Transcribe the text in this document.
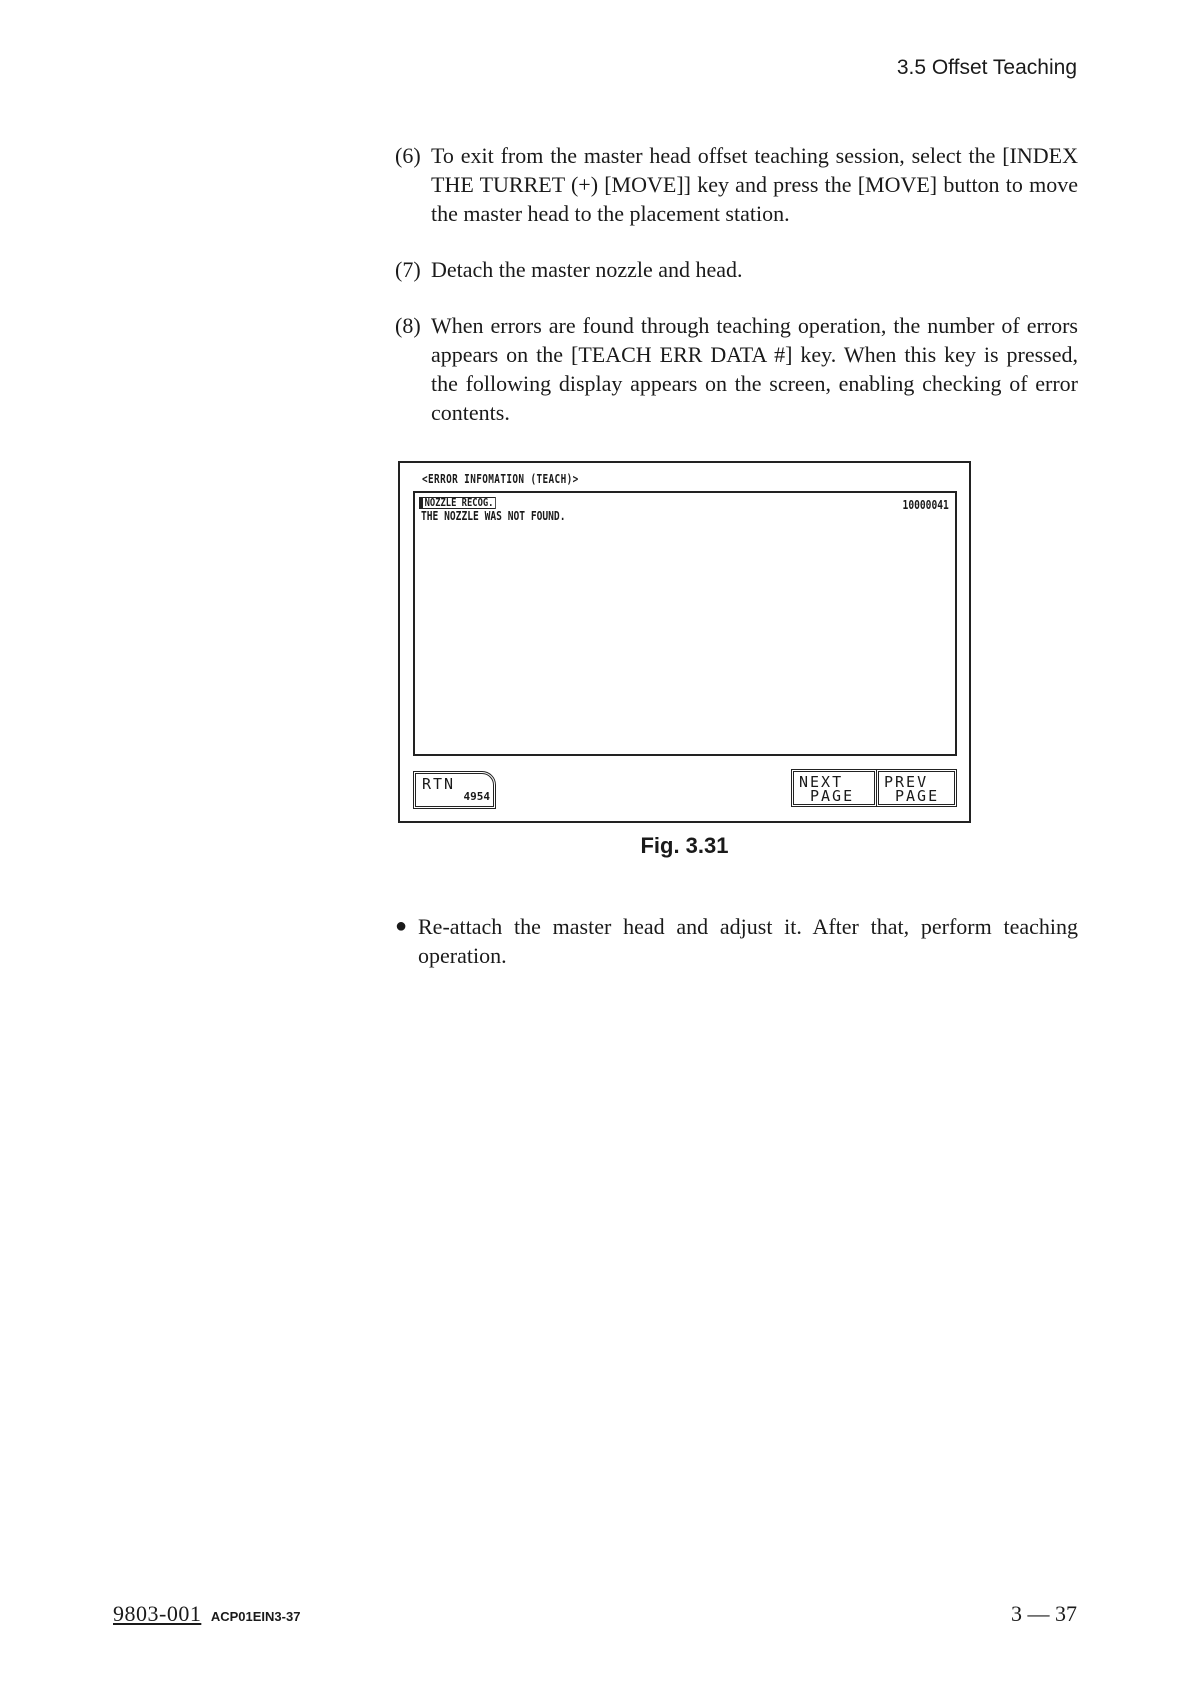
3.5 Offset Teaching
(6) To exit from the master head offset teaching session, select the [INDEX THE TURRET (+) [MOVE]] key and press the [MOVE] button to move the master head to the placement station.
(7) Detach the master nozzle and head.
(8) When errors are found through teaching operation, the number of errors appears on the [TEACH ERR DATA #] key. When this key is pressed, the following display appears on the screen, enabling checking of error contents.
<ERROR INFOMATION (TEACH)>
NOZZLE RECOG.
THE NOZZLE WAS NOT FOUND.
10000041
RTN
4954
NEXT
PAGE
PREV
PAGE
Fig. 3.31
● Re-attach the master head and adjust it. After that, perform teaching operation.
9803-001 ACP01EIN3-37	3 — 37
